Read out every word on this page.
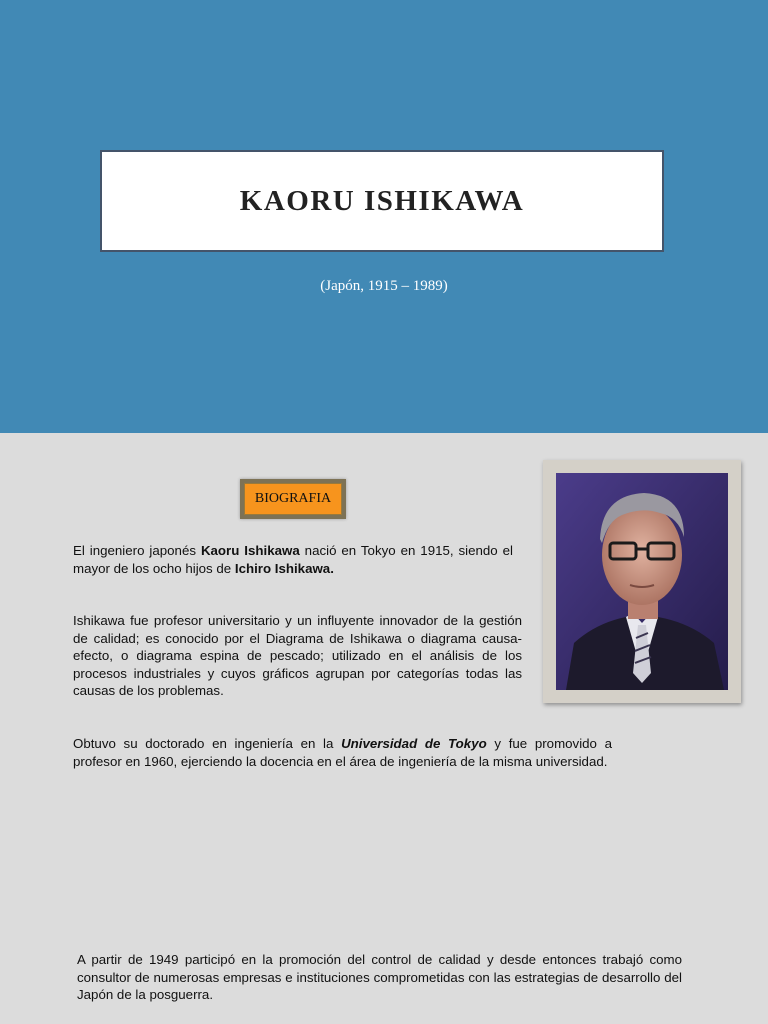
KAORU ISHIKAWA
(Japón, 1915 – 1989)
BIOGRAFIA

El ingeniero japonés Kaoru Ishikawa nació en Tokyo en 1915, siendo el mayor de los ocho hijos de Ichiro Ishikawa.

Ishikawa fue profesor universitario y un influyente innovador de la gestión de calidad; es conocido por el Diagrama de Ishikawa o diagrama causa-efecto, o diagrama espina de pescado; utilizado en el análisis de los procesos industriales y cuyos gráficos agrupan por categorías todas las causas de los problemas.

Obtuvo su doctorado en ingeniería en la Universidad de Tokyo y fue promovido a profesor en 1960, ejerciendo la docencia en el área de ingeniería de la misma universidad.

A partir de 1949 participó en la promoción del control de calidad y desde entonces trabajó como consultor de numerosas empresas e instituciones comprometidas con las estrategias de desarrollo del Japón de la posguerra.
